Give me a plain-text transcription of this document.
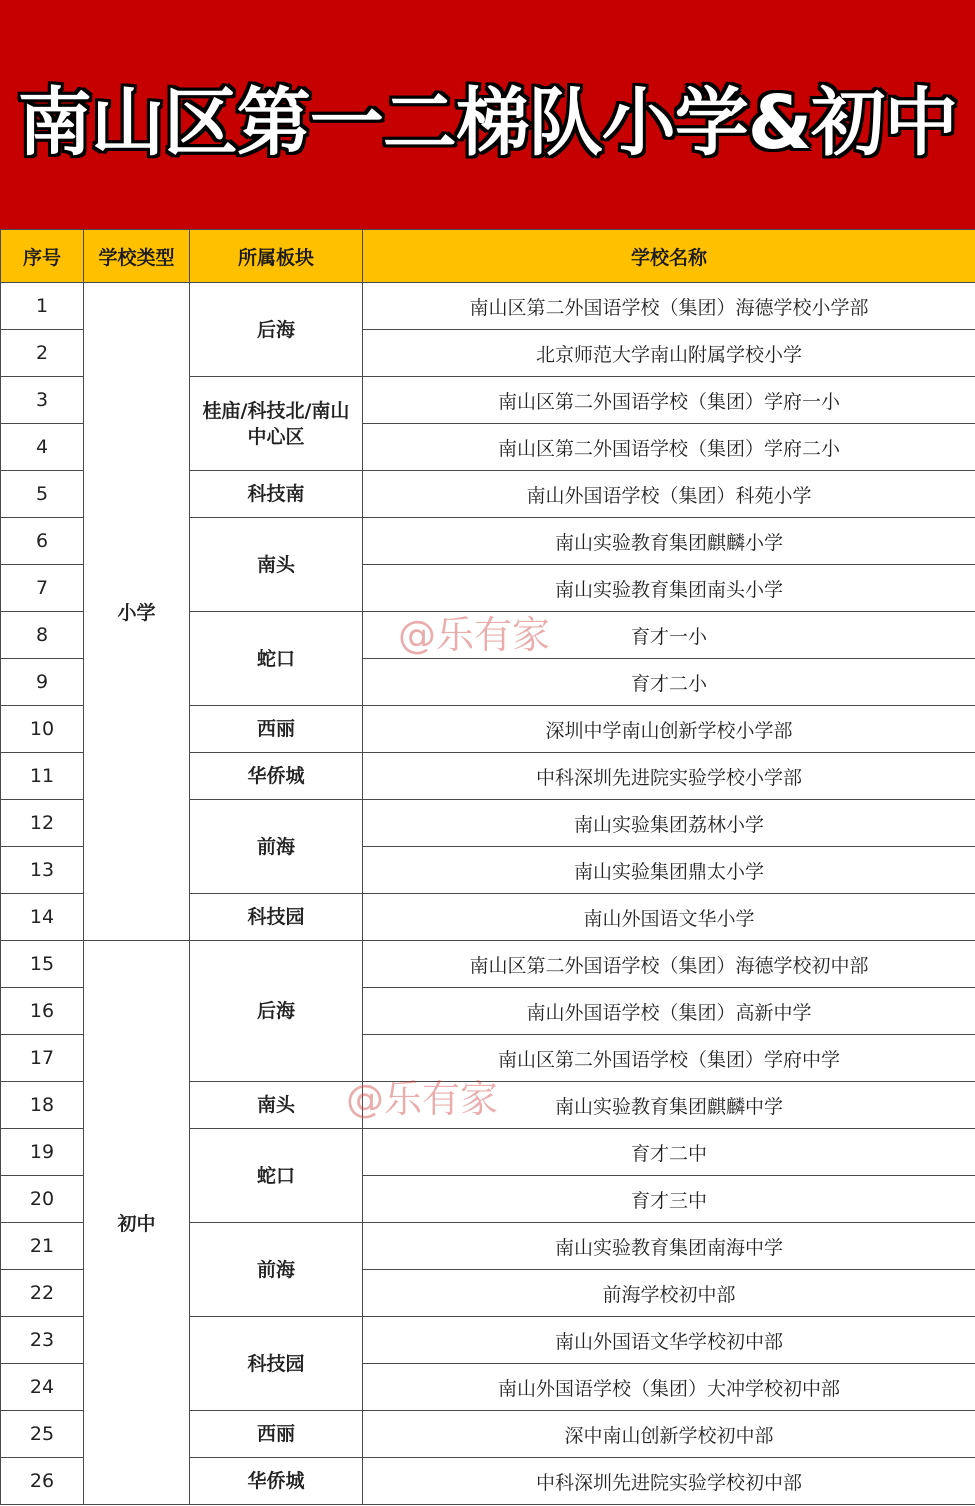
南山区第一二梯队小学&初中
序号	学校类型	所属板块	学校名称
1	小学	后海	南山区第二外国语学校（集团）海德学校小学部
2			北京师范大学南山附属学校小学
3		桂庙/科技北/南山中心区	南山区第二外国语学校（集团）学府一小
4			南山区第二外国语学校（集团）学府二小
5		科技南	南山外国语学校（集团）科苑小学
6		南头	南山实验教育集团麒麟小学
7			南山实验教育集团南头小学
8		蛇口	育才一小
9			育才二小
10		西丽	深圳中学南山创新学校小学部
11		华侨城	中科深圳先进院实验学校小学部
12		前海	南山实验集团荔林小学
13			南山实验集团鼎太小学
14		科技园	南山外国语文华小学
15	初中	后海	南山区第二外国语学校（集团）海德学校初中部
16			南山外国语学校（集团）高新中学
17			南山区第二外国语学校（集团）学府中学
18		南头	南山实验教育集团麒麟中学
19		蛇口	育才二中
20			育才三中
21		前海	南山实验教育集团南海中学
22			前海学校初中部
23		科技园	南山外国语文华学校初中部
24			南山外国语学校（集团）大冲学校初中部
25		西丽	深中南山创新学校初中部
26		华侨城	中科深圳先进院实验学校初中部
@乐有家
@乐有家
